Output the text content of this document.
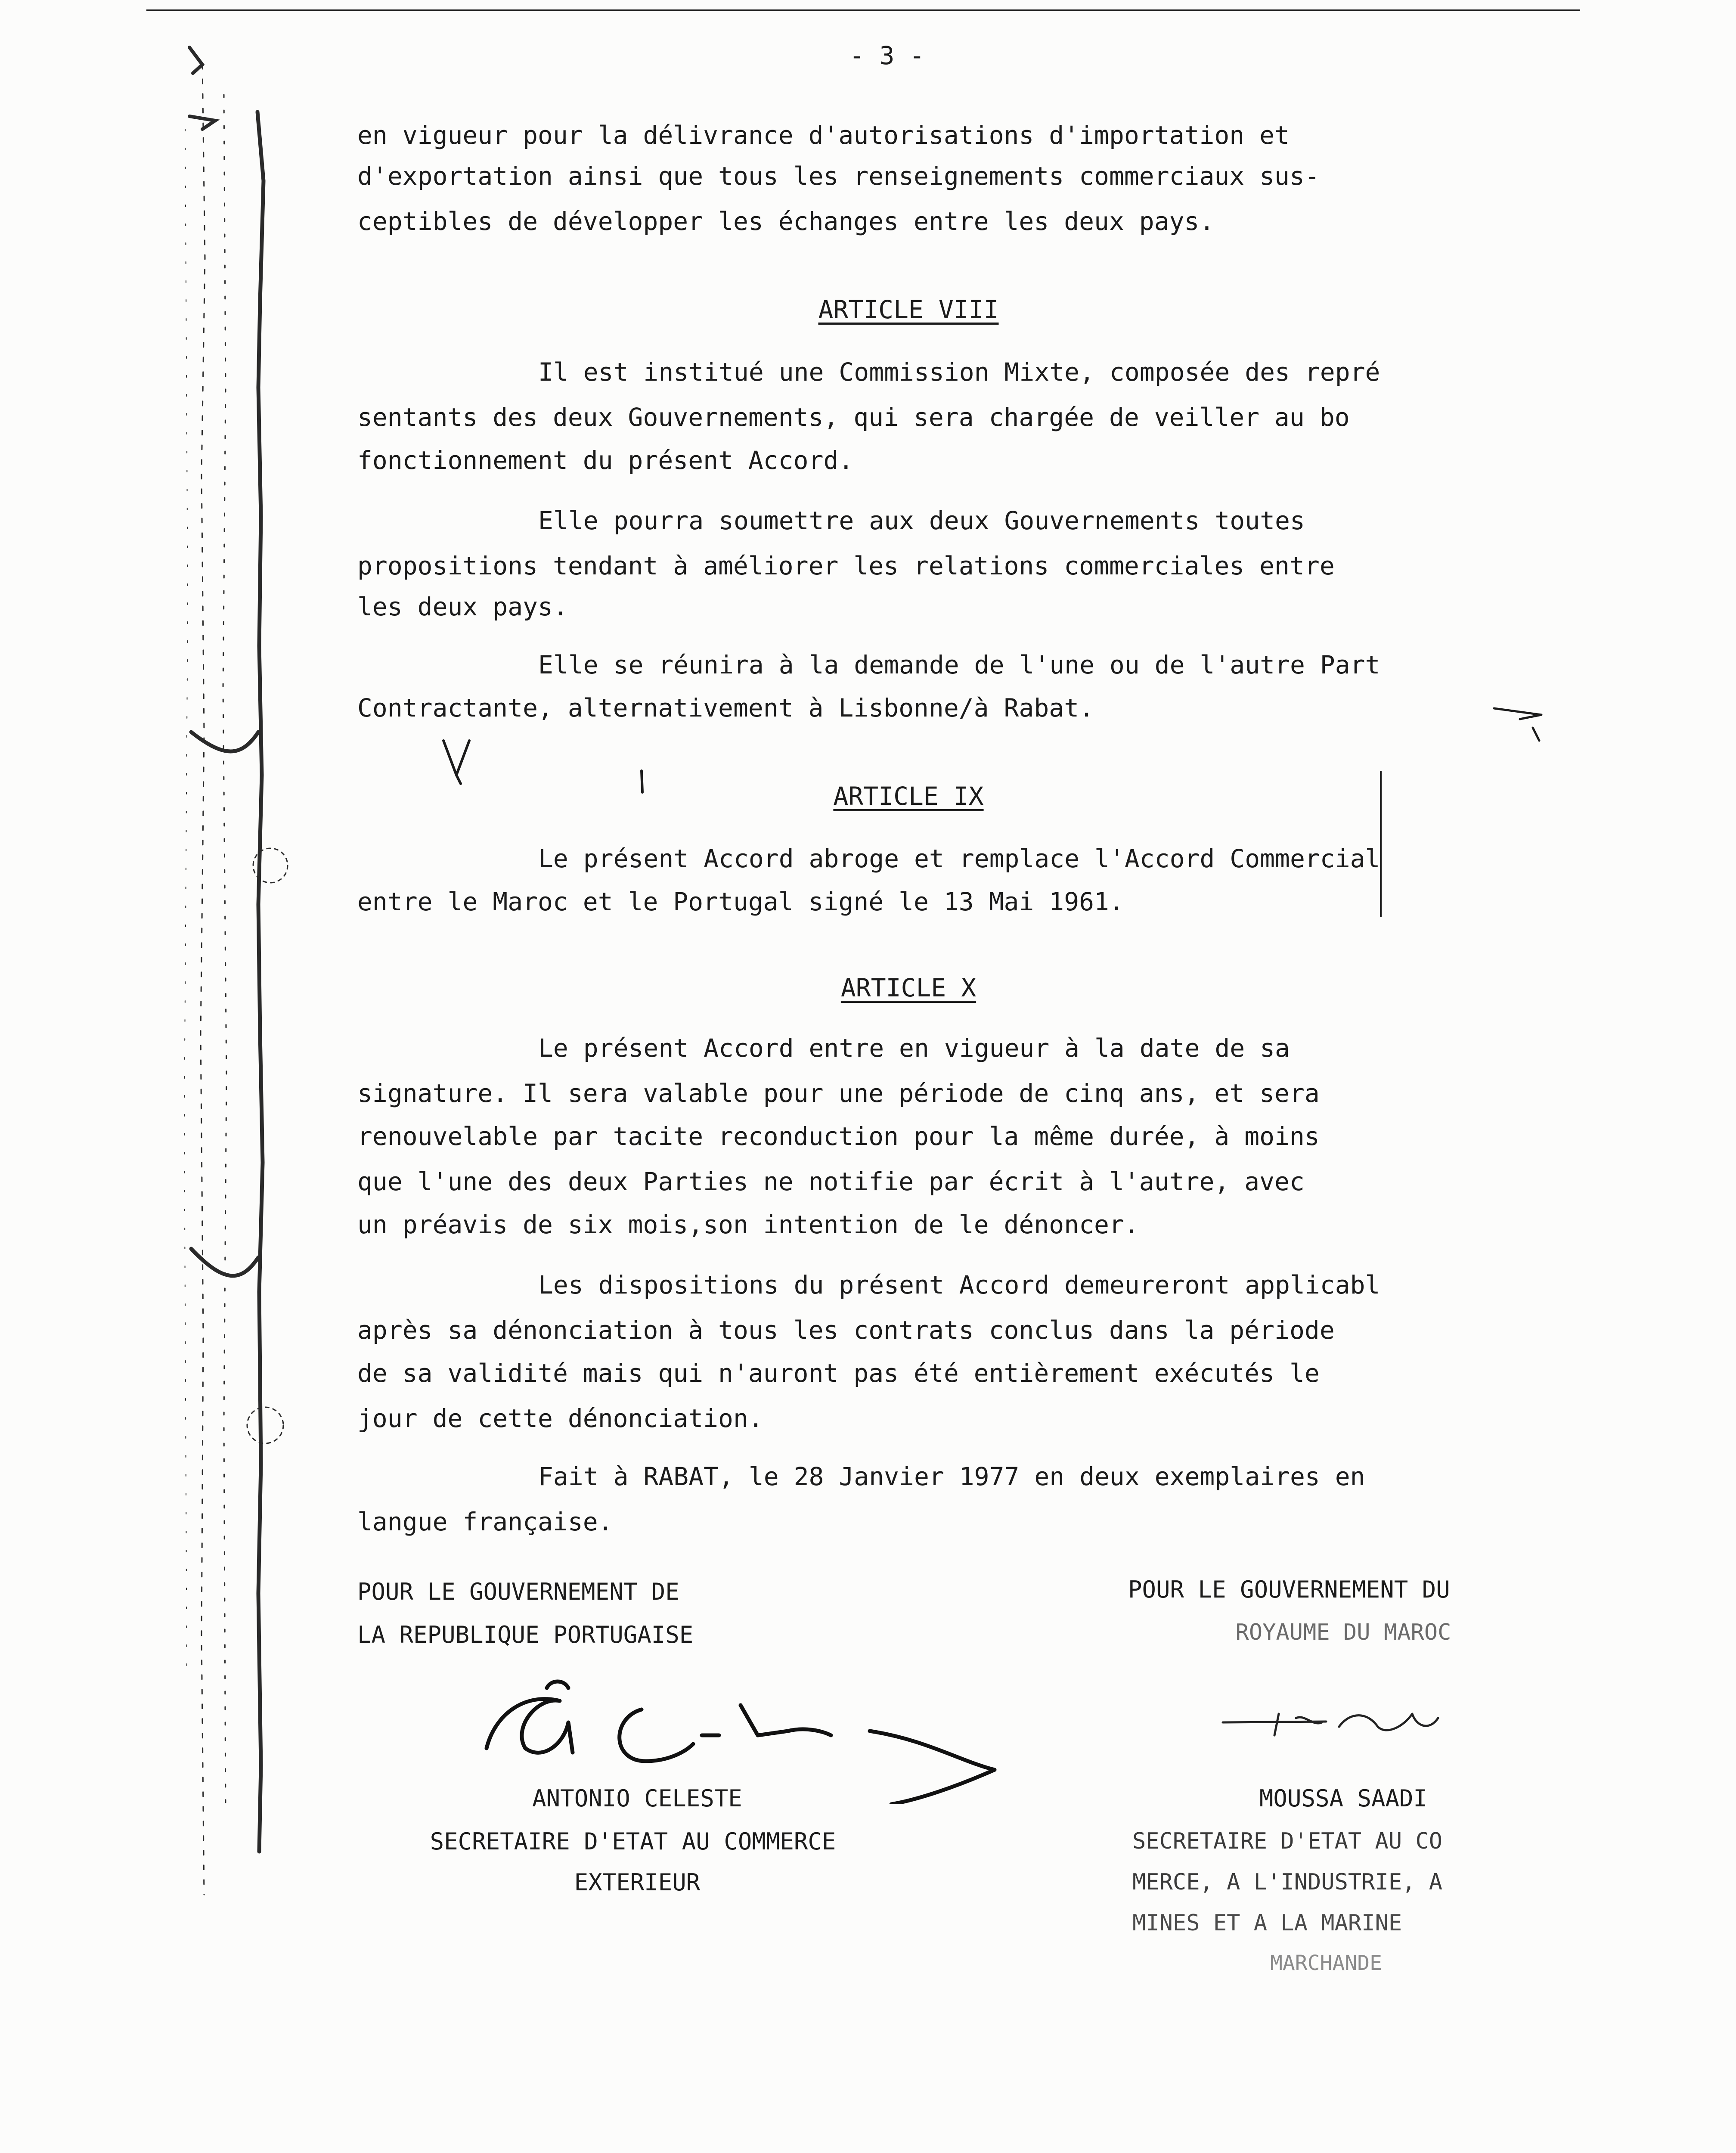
- 3 -
en vigueur pour la délivrance d'autorisations d'importation et
d'exportation ainsi que tous les renseignements commerciaux sus-
ceptibles de développer les échanges entre les deux pays.
ARTICLE VIII
Il est institué une Commission Mixte, composée des repré
sentants des deux Gouvernements, qui sera chargée de veiller au bo
fonctionnement du présent Accord.
Elle pourra soumettre aux deux Gouvernements toutes
propositions tendant à améliorer les relations commerciales entre
les deux pays.
Elle se réunira à la demande de l'une ou de l'autre Part
Contractante, alternativement à Lisbonne/à Rabat.
ARTICLE IX
Le présent Accord abroge et remplace l'Accord Commercial
entre le Maroc et le Portugal signé le 13 Mai 1961.
ARTICLE X
Le présent Accord entre en vigueur à la date de sa
signature. Il sera valable pour une période de cinq ans, et sera
renouvelable par tacite reconduction pour la même durée, à moins
que l'une des deux Parties ne notifie par écrit à l'autre, avec
un préavis de six mois,son intention de le dénoncer.
Les dispositions du présent Accord demeureront applicabl
après sa dénonciation à tous les contrats conclus dans la période
de sa validité mais qui n'auront pas été entièrement exécutés le
jour de cette dénonciation.
Fait à RABAT, le 28 Janvier 1977 en deux exemplaires en
langue française.
POUR LE GOUVERNEMENT DE
LA REPUBLIQUE PORTUGAISE
ANTONIO CELESTE
SECRETAIRE D'ETAT AU COMMERCE
EXTERIEUR
POUR LE GOUVERNEMENT DU
ROYAUME DU MAROC
MOUSSA SAADI
SECRETAIRE D'ETAT AU CO
MERCE, A L'INDUSTRIE, A
MINES ET A LA MARINE
MARCHANDE
